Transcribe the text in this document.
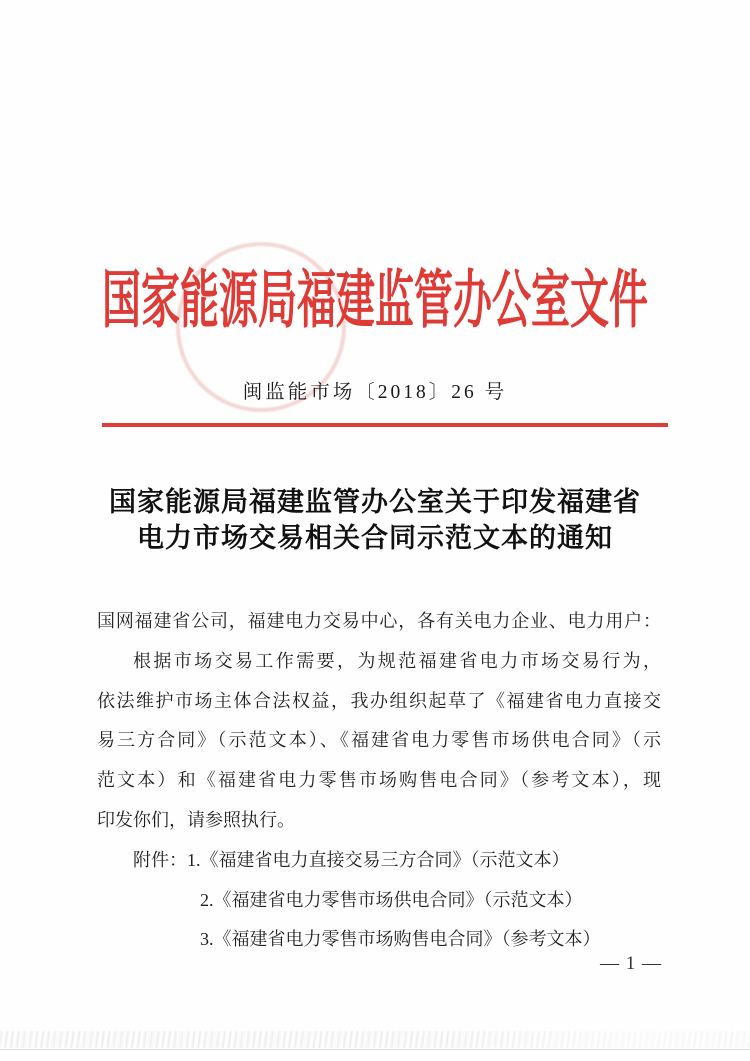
国家能源局福建监管办公室文件
闽监能市场〔2018〕26 号
国家能源局福建监管办公室关于印发福建省
电力市场交易相关合同示范文本的通知
国网福建省公司，福建电力交易中心，各有关电力企业、电力用户：
根据市场交易工作需要，为规范福建省电力市场交易行为，
依法维护市场主体合法权益，我办组织起草了《福建省电力直接交
易三方合同》（示范文本）、《福建省电力零售市场供电合同》（示
范文本）和《福建省电力零售市场购售电合同》（参考文本），现
印发你们，请参照执行。
附件：1.《福建省电力直接交易三方合同》（示范文本）
2.《福建省电力零售市场供电合同》（示范文本）
3.《福建省电力零售市场购售电合同》（参考文本）
— 1 —
